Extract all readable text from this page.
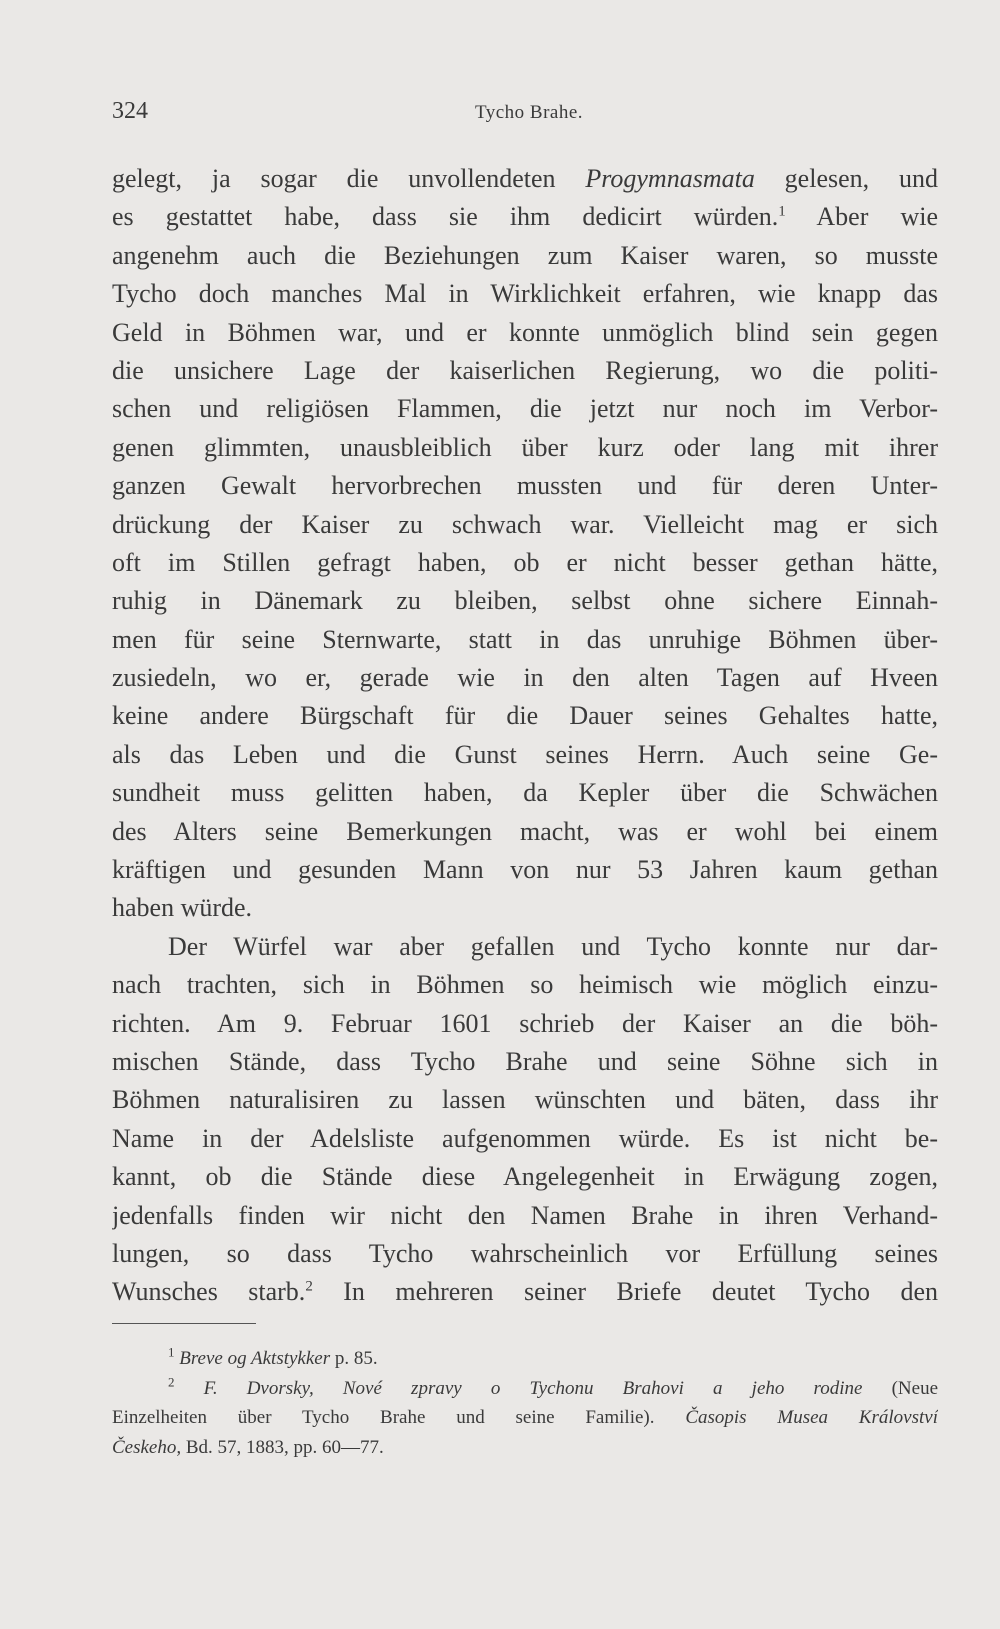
324	Tycho Brahe.
gelegt, ja sogar die unvollendeten Progymnasmata gelesen, und
es gestattet habe, dass sie ihm dedicirt würden.$^1$ Aber wie
angenehm auch die Beziehungen zum Kaiser waren, so musste
Tycho doch manches Mal in Wirklichkeit erfahren, wie knapp das
Geld in Böhmen war, und er konnte unmöglich blind sein gegen
die unsichere Lage der kaiserlichen Regierung, wo die politi-
schen und religiösen Flammen, die jetzt nur noch im Verbor-
genen glimmten, unausbleiblich über kurz oder lang mit ihrer
ganzen Gewalt hervorbrechen mussten und für deren Unter-
drückung der Kaiser zu schwach war. Vielleicht mag er sich
oft im Stillen gefragt haben, ob er nicht besser gethan hätte,
ruhig in Dänemark zu bleiben, selbst ohne sichere Einnah-
men für seine Sternwarte, statt in das unruhige Böhmen über-
zusiedeln, wo er, gerade wie in den alten Tagen auf Hveen
keine andere Bürgschaft für die Dauer seines Gehaltes hatte,
als das Leben und die Gunst seines Herrn. Auch seine Ge-
sundheit muss gelitten haben, da Kepler über die Schwächen
des Alters seine Bemerkungen macht, was er wohl bei einem
kräftigen und gesunden Mann von nur 53 Jahren kaum gethan
haben würde.
Der Würfel war aber gefallen und Tycho konnte nur dar-
nach trachten, sich in Böhmen so heimisch wie möglich einzu-
richten. Am 9. Februar 1601 schrieb der Kaiser an die böh-
mischen Stände, dass Tycho Brahe und seine Söhne sich in
Böhmen naturalisiren zu lassen wünschten und bäten, dass ihr
Name in der Adelsliste aufgenommen würde. Es ist nicht be-
kannt, ob die Stände diese Angelegenheit in Erwägung zogen,
jedenfalls finden wir nicht den Namen Brahe in ihren Verhand-
lungen, so dass Tycho wahrscheinlich vor Erfüllung seines
Wunsches starb.$^2$ In mehreren seiner Briefe deutet Tycho den
$^1$ Breve og Aktstykker p. 85.
$^2$ F. Dvorsky, Nové zpravy o Tychonu Brahovi a jeho rodine (Neue
Einzelheiten über Tycho Brahe und seine Familie). Časopis Musea Království
Českeho, Bd. 57, 1883, pp. 60—77.
